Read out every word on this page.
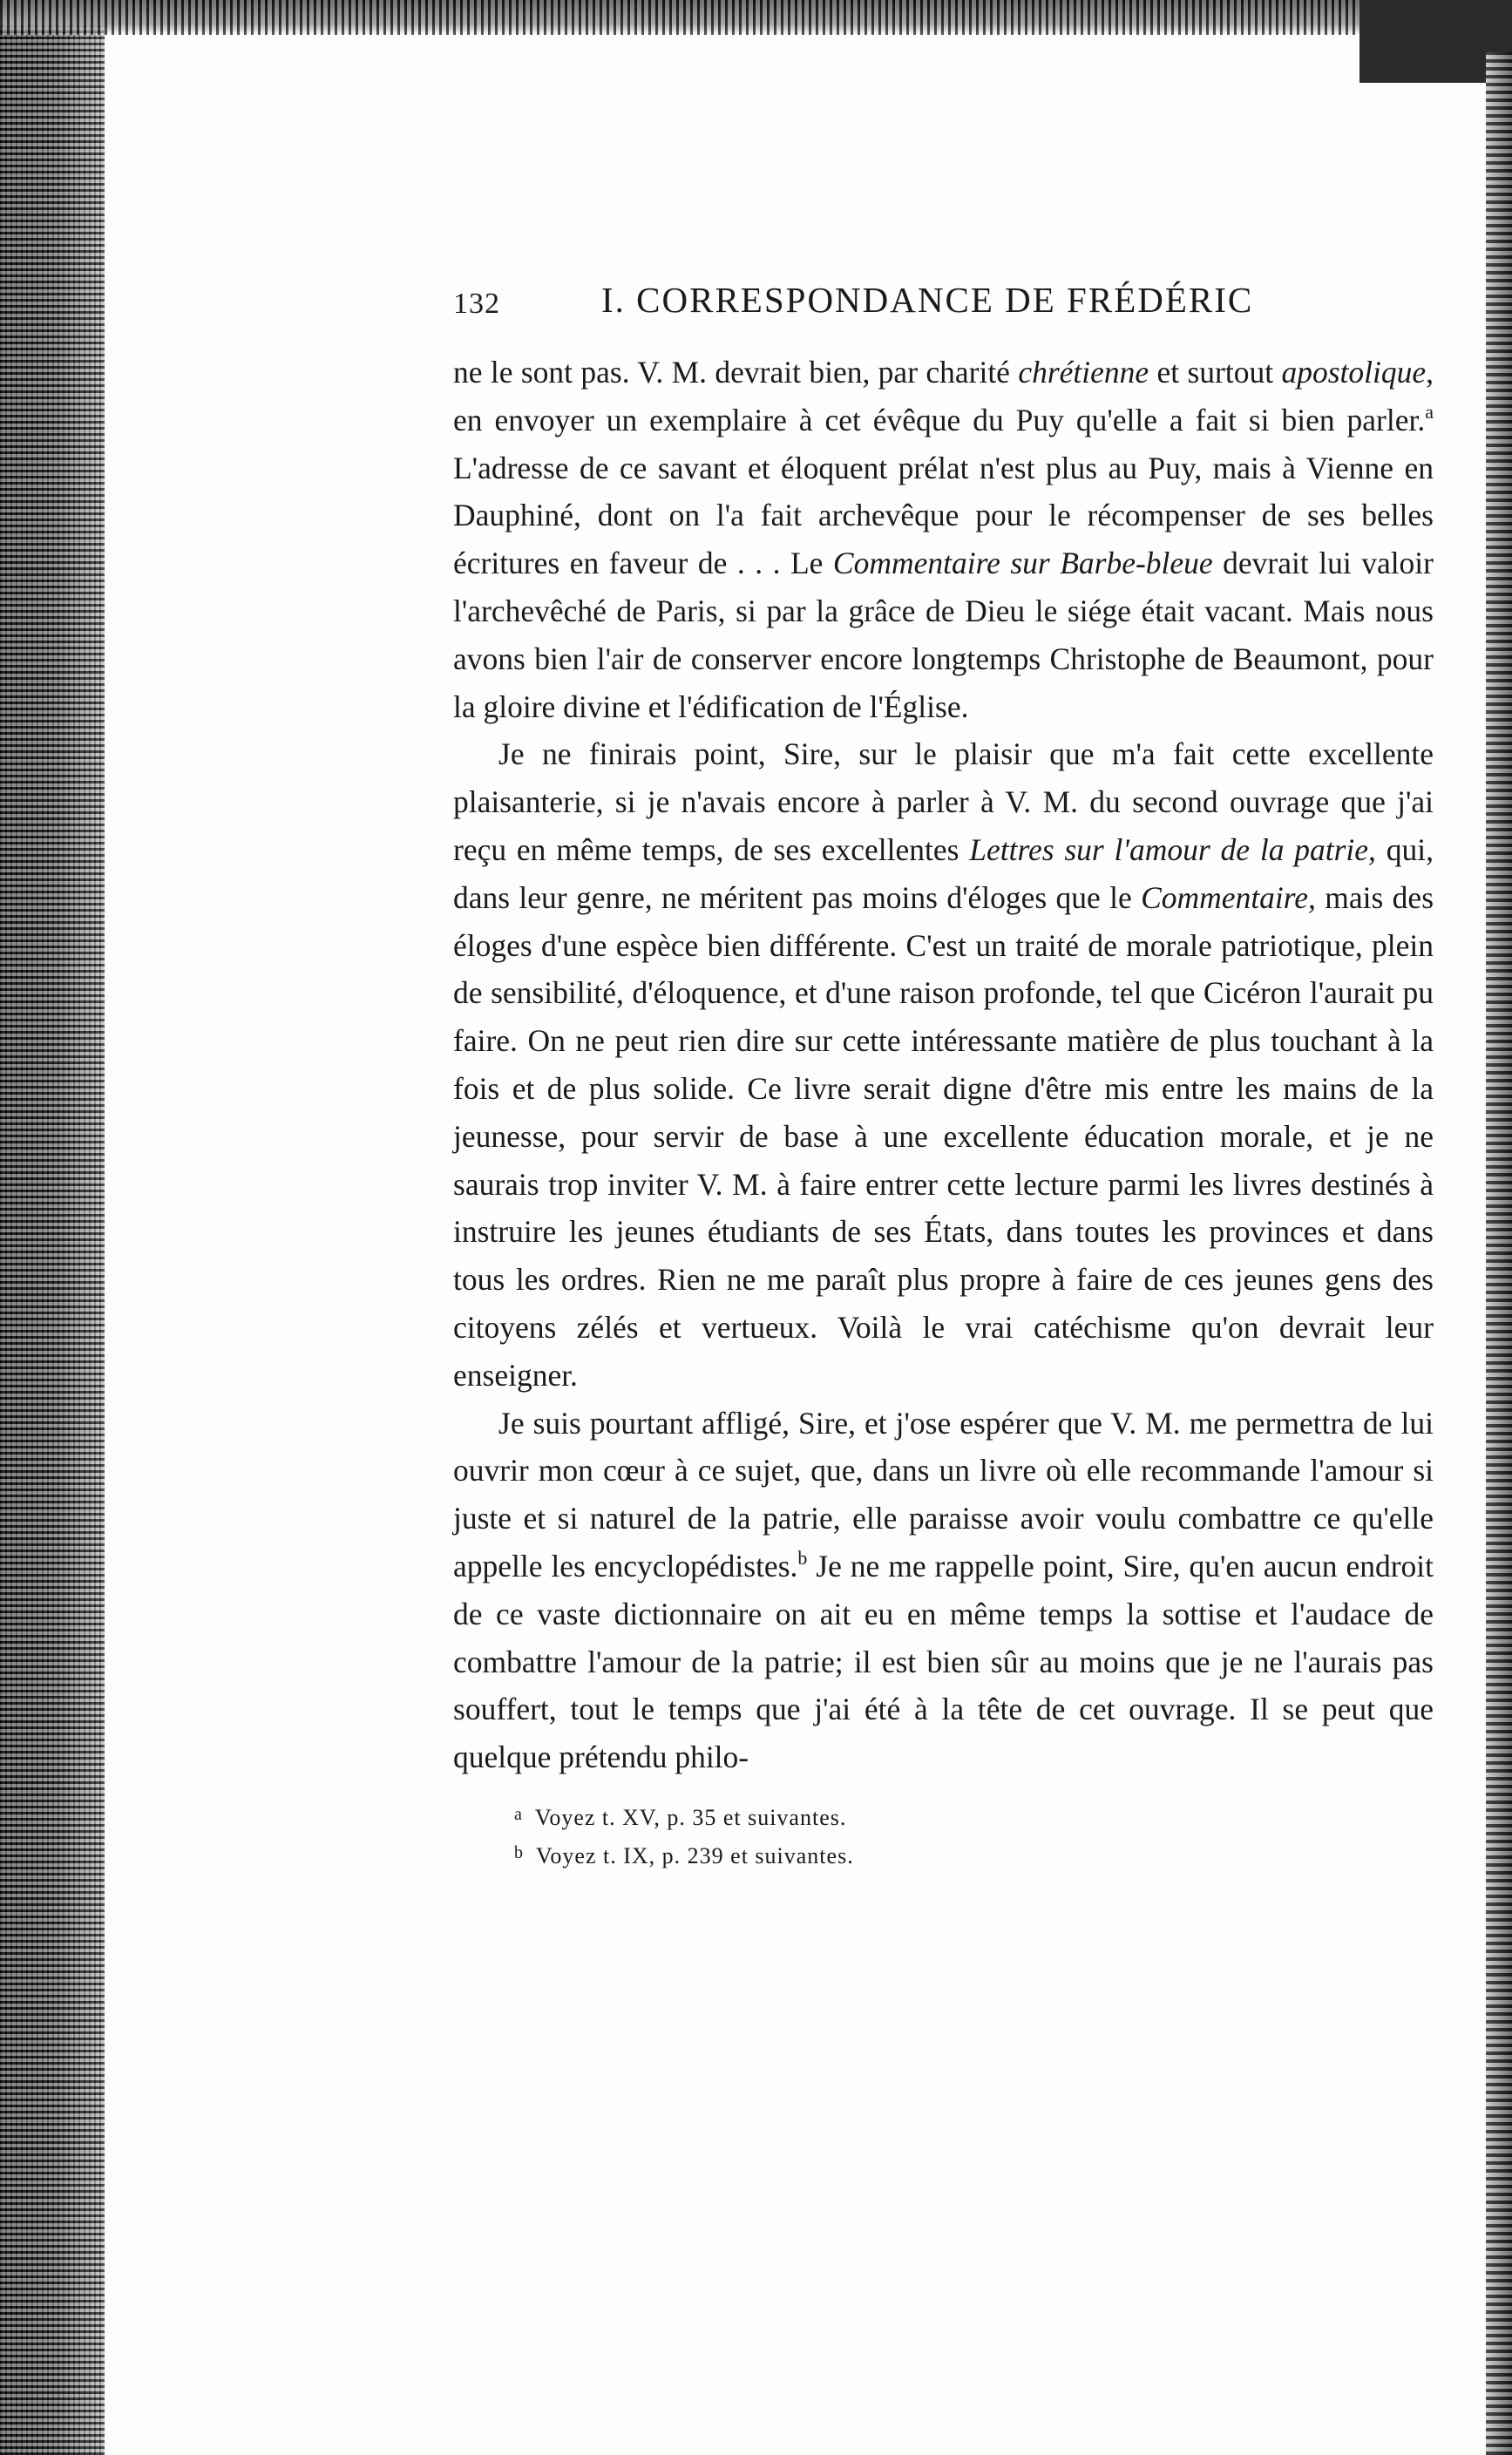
132	I. CORRESPONDANCE DE FRÉDÉRIC

ne le sont pas. V. M. devrait bien, par charité chrétienne et surtout apostolique, en envoyer un exemplaire à cet évêque du Puy qu'elle a fait si bien parler.$^a$ L'adresse de ce savant et éloquent prélat n'est plus au Puy, mais à Vienne en Dauphiné, dont on l'a fait archevêque pour le récompenser de ses belles écritures en faveur de . . . Le Commentaire sur Barbe-bleue devrait lui valoir l'archevêché de Paris, si par la grâce de Dieu le siége était vacant. Mais nous avons bien l'air de conserver encore longtemps Christophe de Beaumont, pour la gloire divine et l'édification de l'Église.

Je ne finirais point, Sire, sur le plaisir que m'a fait cette excellente plaisanterie, si je n'avais encore à parler à V. M. du second ouvrage que j'ai reçu en même temps, de ses excellentes Lettres sur l'amour de la patrie, qui, dans leur genre, ne méritent pas moins d'éloges que le Commentaire, mais des éloges d'une espèce bien différente. C'est un traité de morale patriotique, plein de sensibilité, d'éloquence, et d'une raison profonde, tel que Cicéron l'aurait pu faire. On ne peut rien dire sur cette intéressante matière de plus touchant à la fois et de plus solide. Ce livre serait digne d'être mis entre les mains de la jeunesse, pour servir de base à une excellente éducation morale, et je ne saurais trop inviter V. M. à faire entrer cette lecture parmi les livres destinés à instruire les jeunes étudiants de ses États, dans toutes les provinces et dans tous les ordres. Rien ne me paraît plus propre à faire de ces jeunes gens des citoyens zélés et vertueux. Voilà le vrai catéchisme qu'on devrait leur enseigner.

Je suis pourtant affligé, Sire, et j'ose espérer que V. M. me permettra de lui ouvrir mon cœur à ce sujet, que, dans un livre où elle recommande l'amour si juste et si naturel de la patrie, elle paraisse avoir voulu combattre ce qu'elle appelle les encyclopédistes.$^b$ Je ne me rappelle point, Sire, qu'en aucun endroit de ce vaste dictionnaire on ait eu en même temps la sottise et l'audace de combattre l'amour de la patrie; il est bien sûr au moins que je ne l'aurais pas souffert, tout le temps que j'ai été à la tête de cet ouvrage. Il se peut que quelque prétendu philo-

$^a$ Voyez t. XV, p. 35 et suivantes.
$^b$ Voyez t. IX, p. 239 et suivantes.
